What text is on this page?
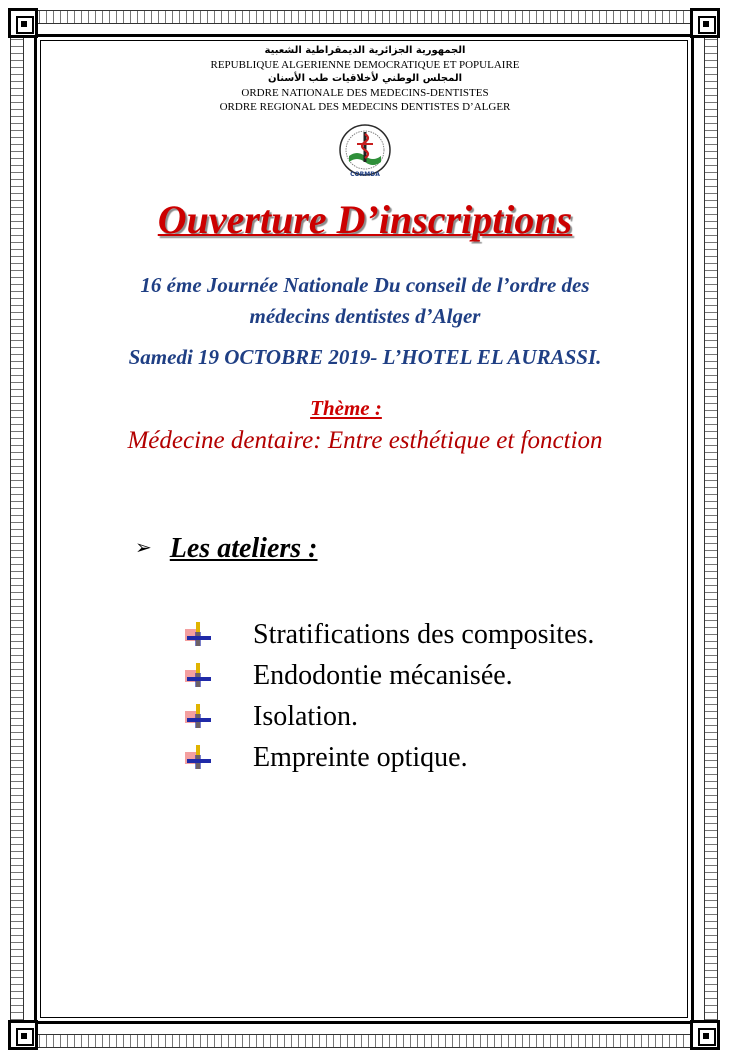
الجمهورية الجزائرية الديمقراطية الشعبية
REPUBLIQUE ALGERIENNE DEMOCRATIQUE ET POPULAIRE
المجلس الوطني لأخلاقيات طب الأسنان
ORDRE NATIONALE DES MEDECINS-DENTISTES
ORDRE REGIONAL DES MEDECINS DENTISTES D’ALGER
CORMDA
Ouverture D’inscriptions
16 éme Journée Nationale Du conseil de l’ordre des
médecins dentistes d’Alger
Samedi 19 OCTOBRE 2019- L’HOTEL EL AURASSI.
Thème :
Médecine dentaire: Entre esthétique et fonction
➢ Les ateliers :
Stratifications des composites.
Endodontie mécanisée.
Isolation.
Empreinte optique.
